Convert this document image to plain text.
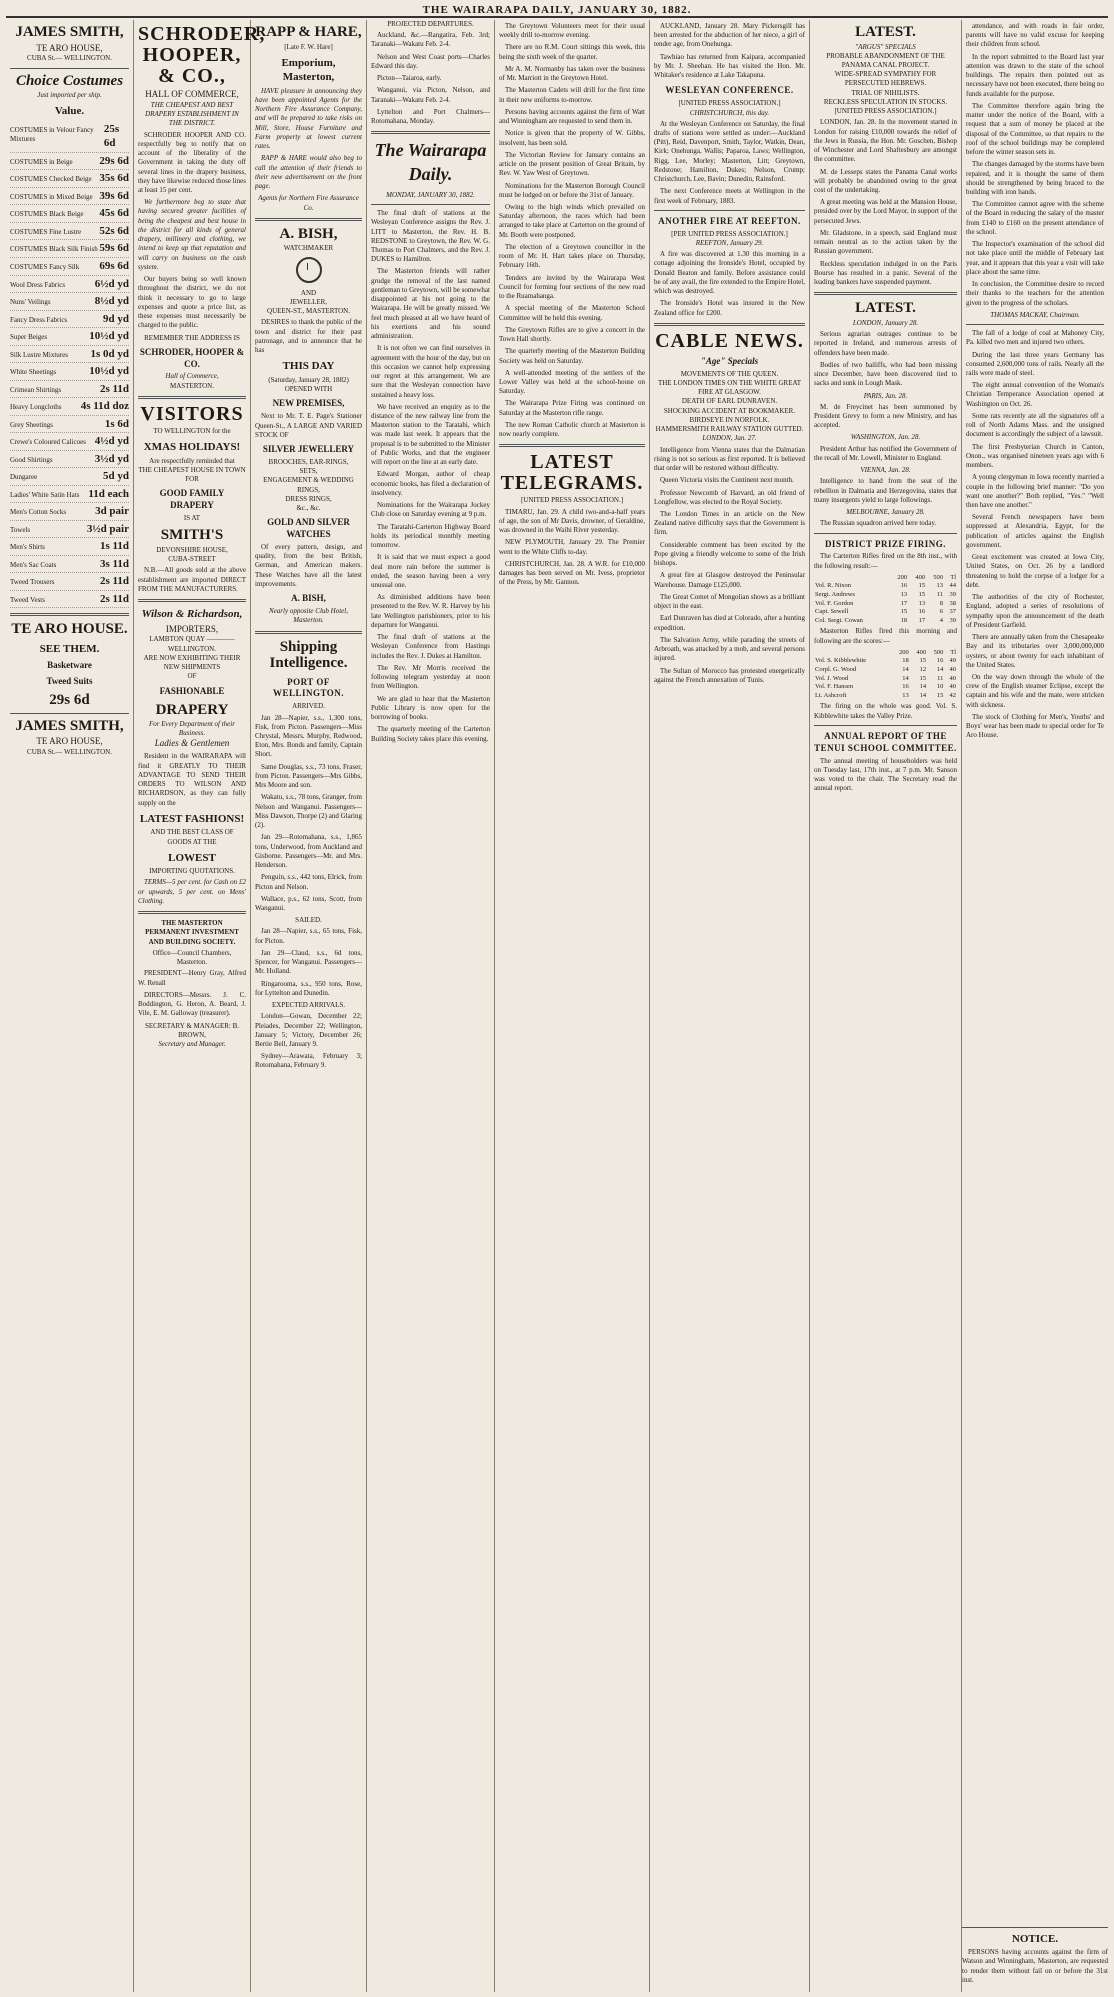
THE WAIRARAPA DAILY, JANUARY 30, 1882.
JAMES SMITH,
TE ARO HOUSE,
CUBA St.— WELLINGTON.
Choice Costumes
Just imported per ship.
Value.
COSTUMES in Velour Fancy Mixtures
25s 6d
COSTUMES in Beige 29s 6d
COSTUMES Checked Beige 35s 6d
COSTUMES in Mixed Beige 39s 6d
COSTUMES Black Beige 45s 6d
COSTUMES Fine Lustre 52s 6d
COSTUMES Black Silk Finish 59s 6d
COSTUMES Fancy Silk 69s 6d
Wool Dress Fabrics	6½d yd
Nuns' Veilings	8½d yd
Fancy Dress Fabrics	9d yd
Super Beiges	10½d yd
Silk Lustre Mixtures 1s 0d yd
White Sheetings	10½d yd
Crimean Shirtings	2s 11d
Heavy Longcloths 4s 11d doz
Grey Sheetings	1s 6d
Crewe's Coloured Calicoes 4½d yd
Good Shirtings	3½d yd
Dungaree	5d yd
Ladies' White Satin Hats 11d each
Men's Cotton Socks	3d pair
Towels	3½d pair
Men's Shirts	1s 11d
Men's Sac Coats	3s 11d
Tweed Trousers	2s 11d
Tweed Vests	2s 11d
TE ARO HOUSE.
SEE THEM.
Basketware
Tweed Suits
29s 6d
JAMES SMITH,
TE ARO HOUSE,
CUBA St.— WELLINGTON.
SCHRODER, HOOPER, & CO.,
HALL OF COMMERCE,
THE CHEAPEST AND BEST DRAPERY ESTABLISHMENT IN THE DISTRICT.

SCHRODER HOOPER AND CO. respectfully beg to notify that on account of the liberality of the Government in taking the duty off several lines in the drapery business, they have likewise reduced those lines at least 15 per cent.

We furthermore beg to state that having secured greater facilities of being the cheapest and best house in the district for all kinds of general drapery, millinery and clothing, we intend to keep up that reputation and will carry on business on the cash system.

Our buyers being so well known throughout the district, we do not think it necessary to go to large expenses and quote a price list, as these expenses must necessarily be charged to the public.

REMEMBER THE ADDRESS IS
SCHRODER, HOOPER & CO.
Hall of Commerce,
MASTERTON.
VISITORS
TO WELLINGTON for the
XMAS HOLIDAYS!
Are respectfully reminded that
THE CHEAPEST HOUSE IN TOWN
FOR
GOOD FAMILY DRAPERY
IS AT
SMITH'S
DEVONSHIRE HOUSE,
CUBA-STREET

N.B.—All goods sold at the above establishment are imported DIRECT FROM THE MANUFACTURERS.

Wilson & Richardson,
IMPORTERS,
LAMBTON QUAY ———— WELLINGTON.
ARE NOW EXHIBITING THEIR NEW SHIPMENTS
OF
FASHIONABLE
DRAPERY
For Every Department of their Business.
Ladies & Gentlemen

Resident in the WAIRARAPA will find it GREATLY TO THEIR ADVANTAGE TO SEND THEIR ORDERS TO WILSON AND RICHARDSON, as they can fully supply on the

LATEST FASHIONS!
AND THE BEST CLASS OF GOODS AT THE
LOWEST
IMPORTING QUOTATIONS.

TERMS—5 per cent. for Cash on £2 or upwards, 5 per cent. on Mens' Clothing.

THE MASTERTON PERMANENT INVESTMENT AND BUILDING SOCIETY.
Office—Council Chambers, Masterton.

PRESIDENT—Henry Gray, Alfred W. Renall

DIRECTORS—Messrs. J. C. Boddington, G. Heron, A. Beard, J. Vile, E. M. Galloway (treasurer).

SECRETARY & MANAGER: B. BROWN,
Secretary and Manager.
RAPP & HARE,
[Late F. W. Hare]
Emporium, Masterton,

HAVE pleasure in announcing they have been appointed Agents for the Northern Fire Assurance Company, and will be prepared to take risks on Mill, Store, House Furniture and Farm property at lowest current rates.

RAPP & HARE would also beg to call the attention of their friends to their new advertisement on the front page.

Agents for Northern Fire Assurance Co.
A. BISH,
WATCHMAKER
AND
JEWELLER,
QUEEN-ST., MASTERTON.

DESIRES to thank the public of the town and district for their past patronage, and to announce that he has

THIS DAY
(Saturday, January 28, 1882)
OPENED WITH
NEW PREMISES,

Next to Mr. T. E. Page's Stationer Queen-St., A LARGE AND VARIED STOCK OF

SILVER JEWELLERY
BROOCHES, EAR-RINGS,
SETS,
ENGAGEMENT & WEDDING RINGS,
DRESS RINGS,
&c., &c.
GOLD AND SILVER WATCHES

Of every pattern, design, and quality, from the best British, German, and American makers. These Watches have all the latest improvements.

A. BISH,
Nearly opposite Club Hotel, Masterton.
Shipping Intelligence.
PORT OF WELLINGTON.
ARRIVED.

Jan 28—Napier, s.s., 1,300 tons, Fisk, from Picton. Passengers—Miss Chrystal, Messrs. Murphy, Redwood, Eton, Mrs. Bonds and family, Captain Short.

Same Douglas, s.s., 73 tons, Fraser, from Picton. Passengers—Mrs Gibbs, Mrs Moore and son.

Wakatu, s.s., 78 tons, Granger, from Nelson and Wanganui. Passengers—Miss Dawson, Thorpe (2) and Glaring (2).

Jan 29—Rotomahana, s.s., 1,865 tons, Underwood, from Auckland and Gisborne. Passengers—Mr. and Mrs. Henderson.

Penguin, s.s., 442 tons, Elrick, from Picton and Nelson.

Wallace, p.s., 62 tons, Scott, from Wanganui.

SAILED.

Jan 28—Napier, s.s., 65 tons, Fisk, for Picton.

Jan 29—Claud, s.s., 6d tons, Spencer, for Wanganui. Passengers—Mr. Holland.

Ringarooma, s.s., 950 tons, Rose, for Lyttelton and Dunedin.

EXPECTED ARRIVALS.

London—Gowan, December 22; Pleiades, December 22; Wellington, January 5; Victory, December 26; Bertie Bell, January 9.

Sydney—Arawata, February 3; Rotomahana, February 9.

PROJECTED DEPARTURES.

Auckland, &c.—Rangatira, Feb. 3rd; Taranaki—Wakatu Feb. 2-4.

Nelson and West Coast ports—Charles Edward this day.

Picton—Taiaroa, early.

Wanganui, via Picton, Nelson, and Taranaki—Wakatu Feb. 2-4.

Lyttelton and Port Chalmers—Rotomahana, Monday.

The Wairarapa Daily.
MONDAY, JANUARY 30, 1882.

The final draft of stations at the Wesleyan Conference assigns the Rev. J. LITT to Masterton, the Rev. H. B. REDSTONE to Greytown, the Rev. W. G. Thomas to Port Chalmers, and the Rev. J. DUKES to Hamilton.

The Masterton friends will rather grudge the removal of the last named gentleman to Greytown, will be somewhat disappointed at his not going to the Wairarapa. He will be greatly missed. We feel much pleased at all we have heard of his exertions and his sound administration.

It is not often we can find ourselves in agreement with the hour of the day, but on this occasion we cannot help expressing our regret at this arrangement. We are sure that the Wesleyan connection have sustained a heavy loss.

We have received an enquiry as to the distance of the new railway line from the Masterton station to the Taratahi, which was made last week. It appears that the proposal is to be submitted to the Minister of Public Works, and that the engineer will report on the line at an early date.

Edward Morgan, author of cheap economic books, has filed a declaration of insolvency.

Nominations for the Wairarapa Jockey Club close on Saturday evening at 9 p.m.

The Taratahi-Carterton Highway Board holds its periodical monthly meeting tomorrow.

It is said that we must expect a good deal more rain before the summer is ended, the season having been a very unusual one.

As diminished additions have been presented to the Rev. W. R. Harvey by his late Wellington parishioners, prior to his departure for Wanganui.

The final draft of stations at the Wesleyan Conference from Hastings includes the Rev. J. Dukes at Hamilton.

The Rev. Mr Morris received the following telegram yesterday at noon from Wellington.

We are glad to hear that the Masterton Public Library is now open for the borrowing of books.

The quarterly meeting of the Carterton Building Society takes place this evening.

The Greytown Volunteers meet for their usual weekly drill to-morrow evening.

There are no R.M. Court sittings this week, this being the sixth week of the quarter.

Mr A. M. Normanby has taken over the business of Mr. Marriott in the Greytown Hotel.

The Masterton Cadets will drill for the first time in their new uniforms to-morrow.

Persons having accounts against the firm of Watt and Winningham are requested to send them in.

Notice is given that the property of W. Gibbs, insolvent, has been sold.

The Victorian Review for January contains an article on the present position of Great Britain, by Rev. W. Yaw West of Greytown.

Nominations for the Masterton Borough Council must be lodged on or before the 31st of January.

Owing to the high winds which prevailed on Saturday afternoon, the races which had been arranged to take place at Carterton on the ground of Mr. Booth were postponed.

The election of a Greytown councillor in the room of Mr. H. Hart takes place on Thursday, February 16th.

Tenders are invited by the Wairarapa West Council for forming four sections of the new road to the Ruamahanga.

A special meeting of the Masterton School Committee will be held this evening.

The Greytown Rifles are to give a concert in the Town Hall shortly.

The quarterly meeting of the Masterton Building Society was held on Saturday.

A well-attended meeting of the settlers of the Lower Valley was held at the school-house on Saturday.

The Wairarapa Prize Firing was continued on Saturday at the Masterton rifle range.

The new Roman Catholic church at Masterton is now nearly complete.

LATEST TELEGRAMS.
[UNITED PRESS ASSOCIATION.]

TIMARU, Jan. 29. A child two-and-a-half years of age, the son of Mr Davis, drowner, of Geraldine, was drowned in the Waihi River yesterday.

NEW PLYMOUTH, January 29. The Premier went to the White Cliffs to-day.

CHRISTCHURCH, Jan. 28. A W.R. for £10,000 damages has been served on Mr. Ivess, proprietor of the Press, by Mr. Gannon.

AUCKLAND, January 28. Mary Pickersgill has been arrested for the abduction of her niece, a girl of tender age, from Onehunga.

Tawhiao has returned from Kaipara, accompanied by Mr. J. Sheehan. He has visited the Hon. Mr. Whitaker's residence at Lake Takapuna.

WESLEYAN CONFERENCE.
[UNITED PRESS ASSOCIATION.]
CHRISTCHURCH, this day.

At the Wesleyan Conference on Saturday, the final drafts of stations were settled as under:—Auckland (Pitt), Reid, Davenport, Smith, Taylor, Watkin, Dean, Kirk; Onehunga, Wallis; Paparoa, Laws; Wellington, Rigg, Lee, Morley; Masterton, Litt; Greytown, Redstone; Hamilton, Dukes; Nelson, Crump; Christchurch, Lee, Bavin; Dunedin, Rainsford.

The next Conference meets at Wellington in the first week of February, 1883.

ANOTHER FIRE AT REEFTON.
[PER UNITED PRESS ASSOCIATION.]
REEFTON, January 29.

A fire was discovered at 1.30 this morning in a cottage adjoining the Ironside's Hotel, occupied by Donald Beaton and family. Before assistance could be of any avail, the fire extended to the Empire Hotel, which was destroyed.

The Ironside's Hotel was insured in the New Zealand office for £200.

CABLE NEWS.
"Age" Specials
MOVEMENTS OF THE QUEEN.
THE LONDON TIMES ON THE WHITE GREAT FIRE AT GLASGOW.
DEATH OF EARL DUNRAVEN.
SHOCKING ACCIDENT AT BOOKMAKER.
BIRDSEYE IN NORFOLK.
HAMMERSMITH RAILWAY STATION GUTTED.
LONDON, Jan. 27.

Intelligence from Vienna states that the Dalmatian rising is not so serious as first reported. It is believed that order will be restored without difficulty.

Queen Victoria visits the Continent next month.

Professor Newcomb of Harvard, an old friend of Longfellow, was elected to the Royal Society.

The London Times in an article on the New Zealand native difficulty says that the Government is firm.

Considerable comment has been excited by the Pope giving a friendly welcome to some of the Irish bishops.

A great fire at Glasgow destroyed the Peninsular Warehouse. Damage £125,000.

The Great Comet of Mongolian shows as a brilliant object in the east.

Earl Dunraven has died at Colorado, after a hunting expedition.

The Salvation Army, while parading the streets of Arbroath, was attacked by a mob, and several persons injured.

The Sultan of Morocco has protested energetically against the French annexation of Tunis.

LATEST.
"ARGUS" SPECIALS
PROBABLE ABANDONMENT OF THE PANAMA CANAL PROJECT.
WIDE-SPREAD SYMPATHY FOR PERSECUTED HEBREWS.
TRIAL OF NIHILISTS.
RECKLESS SPECULATION IN STOCKS.
[UNITED PRESS ASSOCIATION.]

LONDON, Jan. 28. In the movement started in London for raising £10,000 towards the relief of the Jews in Russia, the Hon. Mr. Goschen, Bishop of Winchester and Lord Shaftesbury are amongst the committee.

M. de Lesseps states the Panama Canal works will probably be abandoned owing to the great cost of the undertaking.

A great meeting was held at the Mansion House, presided over by the Lord Mayor, in support of the persecuted Jews.

Mr. Gladstone, in a speech, said England must remain neutral as to the action taken by the Russian government.

Reckless speculation indulged in on the Paris Bourse has resulted in a panic. Several of the leading bankers have suspended payment.

LATEST.
LONDON, January 28.

Serious agrarian outrages continue to be reported in Ireland, and numerous arrests of offenders have been made.

Bodies of two bailiffs, who had been missing since December, have been discovered tied to sacks and sunk in Lough Mask.

PARIS, Jan. 28.

M. de Freycinet has been summoned by President Grevy to form a new Ministry, and has accepted.

WASHINGTON, Jan. 28.

President Arthur has notified the Government of the recall of Mr. Lowell, Minister to England.

VIENNA, Jan. 28.

Intelligence to hand from the seat of the rebellion in Dalmatia and Herzegovina, states that many insurgents yield to large followings.

MELBOURNE, January 28.

The Russian squadron arrived here today.

DISTRICT PRIZE FIRING.

The Carterton Rifles fired on the 8th inst., with the following result:—

	200	400	500	Tl
Vol. R. Nixon	16	15	13	44
Sergt. Andrews	13	15	11	39
Vol. F. Gordon	17	13	8	38
Capt. Sewell	15	16	6	37
Col. Sergt. Cowan	18	17	4	39

Masterton Rifles fired this morning and following are the scores:—

	200	400	500	Tl
Vol. S. Kibblewhite	18	15	16	49
Corpl. G. Wood	14	12	14	40
Vol. J. Wood	14	15	11	40
Vol. F. Hansen	16	14	10	40
Lt. Ashcroft	13	14	15	42

The firing on the whole was good. Vol. S. Kibblewhite takes the Valley Prize.

ANNUAL REPORT OF THE TENUI SCHOOL COMMITTEE.

The annual meeting of householders was held on Tuesday last, 17th inst., at 7 p.m. Mr. Sanson was voted to the chair. The Secretary read the annual report.

attendance, and with roads in fair order, parents will have no valid excuse for keeping their children from school.

In the report submitted to the Board last year attention was drawn to the state of the school buildings. The repairs then pointed out as necessary have not been executed, there being no funds available for the purpose.

The Committee therefore again bring the matter under the notice of the Board, with a request that a sum of money be placed at the disposal of the Committee, so that repairs to the roof of the school buildings may be completed before the winter season sets in.

The changes damaged by the storms have been repaired, and it is thought the same of them should be strengthened by being braced to the building with iron bands.

The Committee cannot agree with the scheme of the Board in reducing the salary of the master from £140 to £160 on the present attendance of the school.

The Inspector's examination of the school did not take place until the middle of February last year, and it appears that this year a visit will take place about the same time.

In conclusion, the Committee desire to record their thanks to the teachers for the attention given to the progress of the scholars.

THOMAS MACKAY, Chairman.

The fall of a lodge of coal at Mahoney City, Pa. killed two men and injured two others.

During the last three years Germany has consumed 2,600,000 tons of rails. Nearly all the rails were made of steel.

The eight annual convention of the Woman's Christian Temperance Association opened at Washington on Oct. 26.

Some rats recently ate all the signatures off a roll of North Adams Mass. and the unsigned document is accordingly the subject of a lawsuit.

The first Presbyterian Church in Canton, Onon., was organised nineteen years ago with 6 members.

A young clergyman in Iowa recently married a couple in the following brief manner: "Do you want one another?" Both replied, "Yes." "Well then have one another."

Several French newspapers have been suppressed at Alexandria, Egypt, for the publication of articles against the English government.

Great excitement was created at Iowa City, United States, on Oct. 26 by a landlord threatening to hold the corpse of a lodger for a debt.

The authorities of the city of Rochester, England, adopted a series of resolutions of sympathy upon the announcement of the death of President Garfield.

There are annually taken from the Chesapeake Bay and its tributaries over 3,000,000,000 oysters, or about twenty for each inhabitant of the United States.

On the way down through the whole of the crew of the English steamer Eclipse, except the captain and his wife and the mate, were stricken with sickness.

The stock of Clothing for Men's, Youths' and Boys' wear has been made to special order for Te Aro House.

NOTICE.

PERSONS having accounts against the firm of Watson and Winningham, Masterton, are requested to render them without fail on or before the 31st inst.
